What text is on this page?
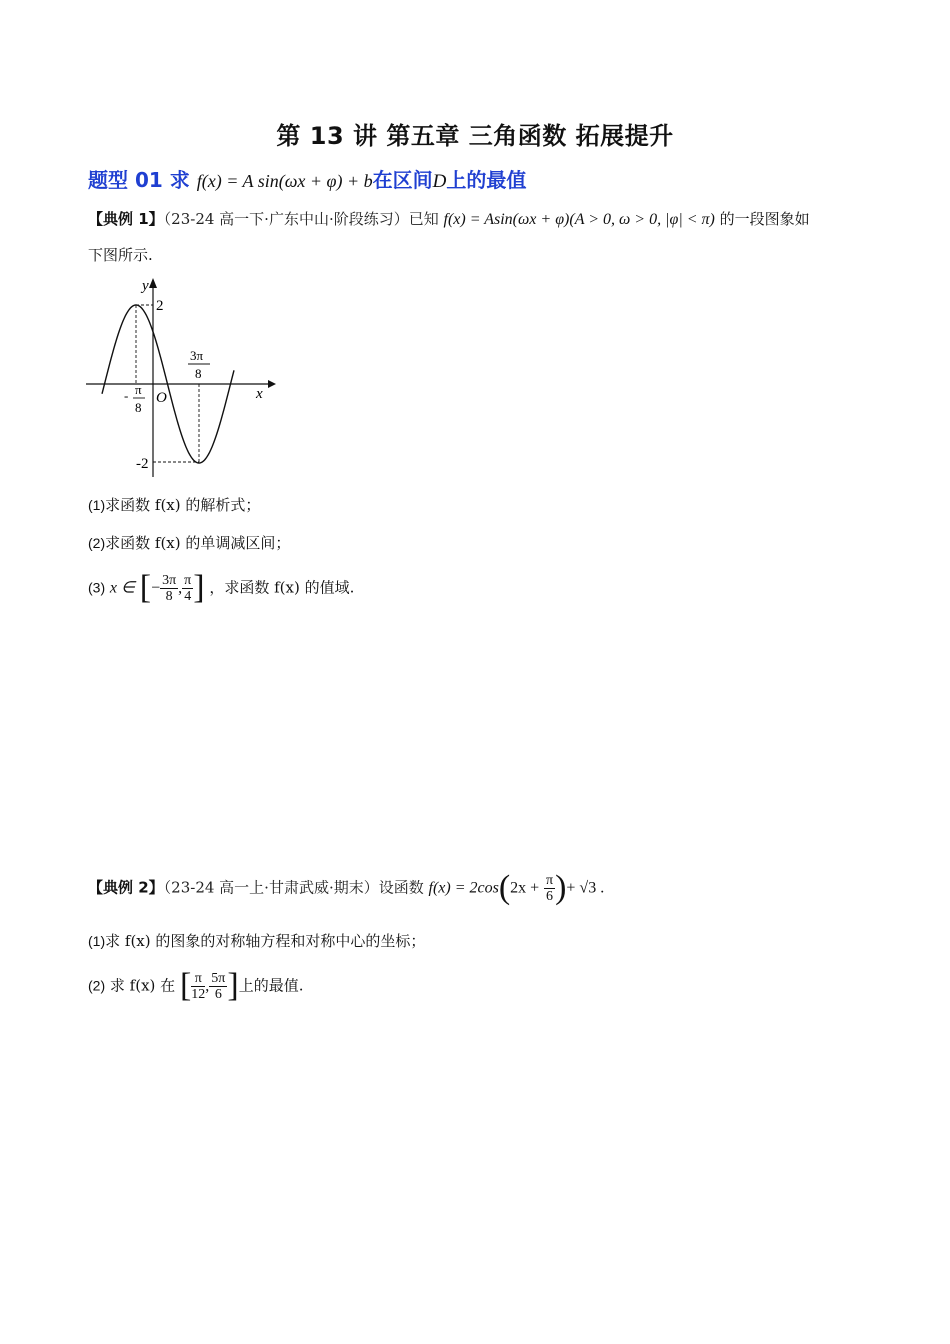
第 13 讲 第五章 三角函数 拓展提升
题型 01 求 f(x) = A sin(ωx + φ) + b在区间D上的最值
【典例 1】（23-24 高一下·广东中山·阶段练习）已知 f(x) = Asin(ωx + φ)(A > 0, ω > 0, |φ| < π) 的一段图象如
下图所示.
y
x
O
2
-2
- π
8
3π
8
(1)求函数 f(x) 的解析式；
(2)求函数 f(x) 的单调减区间；
(3) x ∈ [− $\frac{3\pi}{8}$ , $\frac{\pi}{4}$ ] ，求函数 f(x) 的值域.
【典例 2】（23-24 高一上·甘肃武威·期末）设函数 $f(x) = 2\cos(2x + \frac{\pi}{6}$ )+ √3 .
(1)求 f(x) 的图象的对称轴方程和对称中心的坐标；
(2) 求 f(x) 在 [ $\frac{\pi}{12}$ , $\frac{5\pi}{6}$ ]上的最值.
